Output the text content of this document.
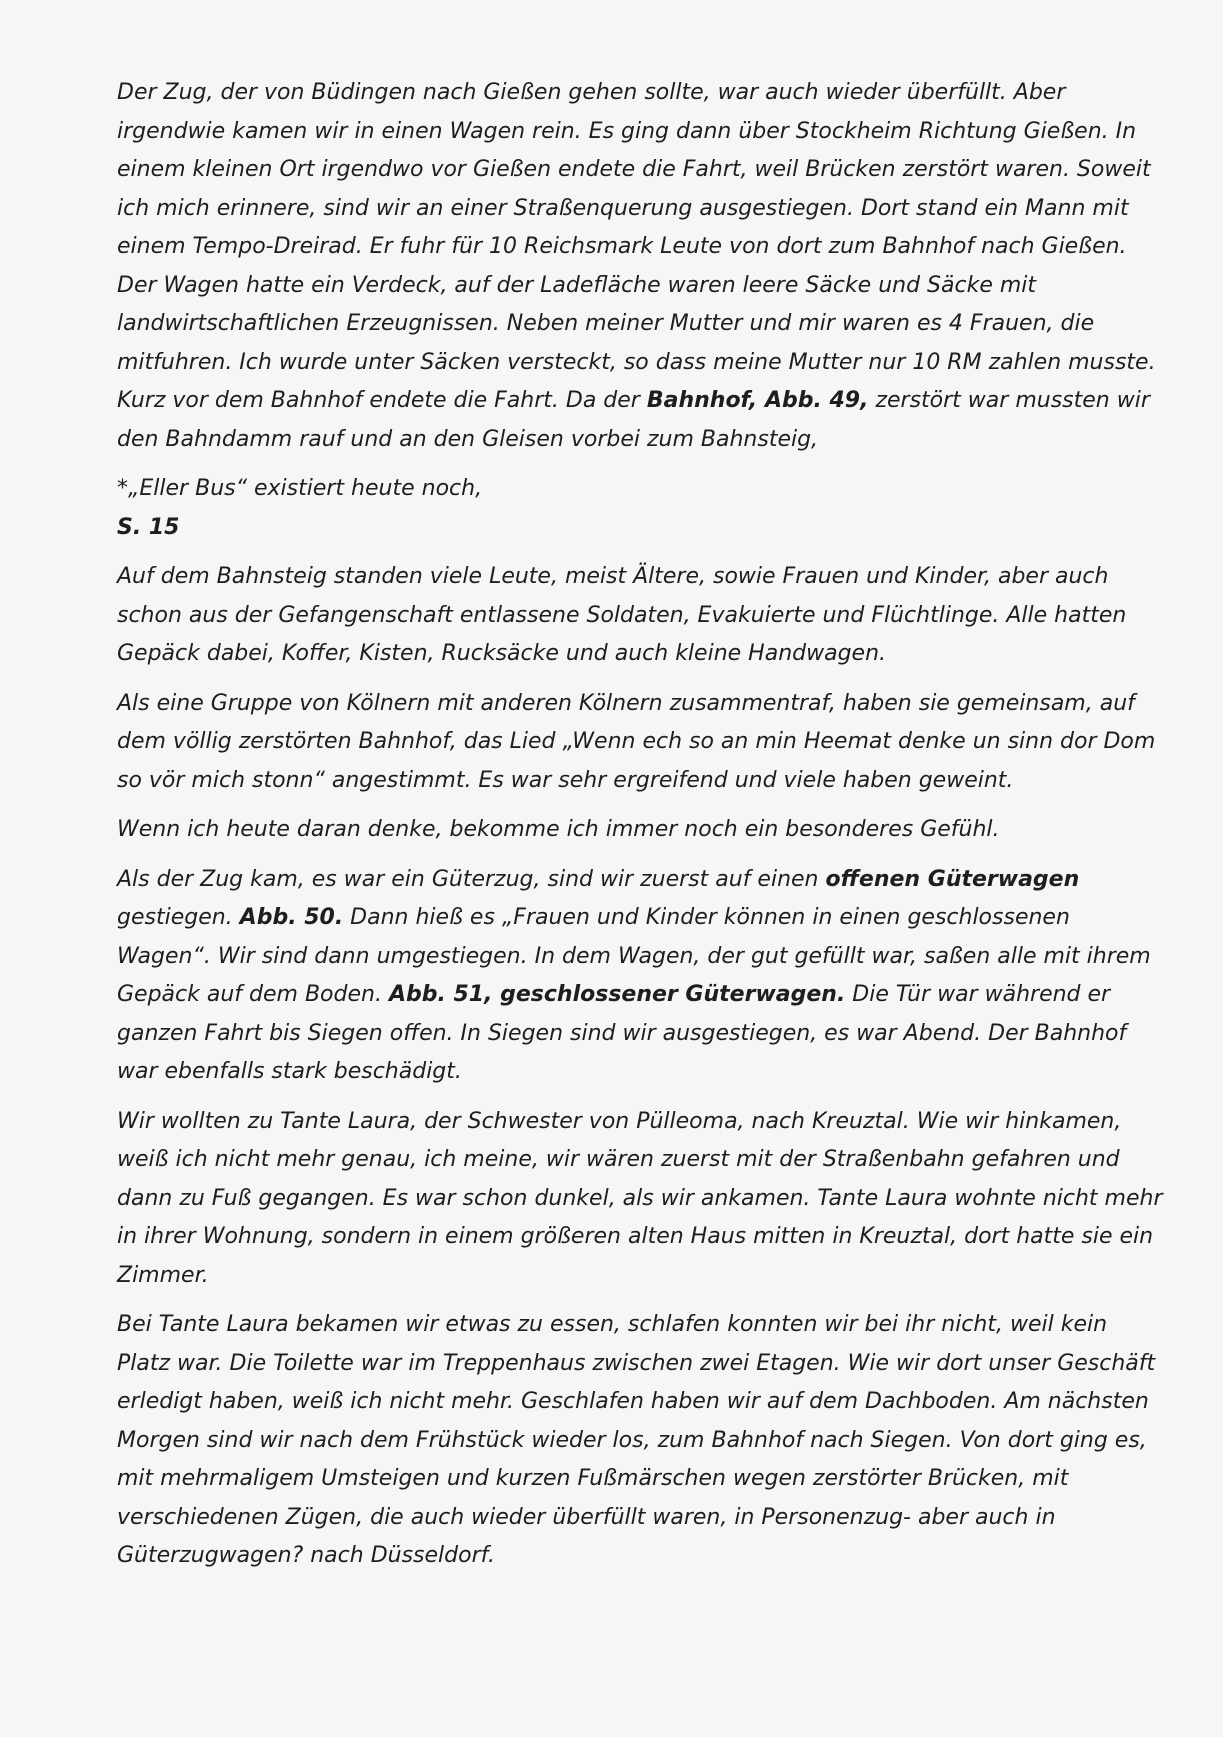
Der Zug, der von Büdingen nach Gießen gehen sollte, war auch wieder überfüllt. Aber irgendwie kamen wir in einen Wagen rein. Es ging dann über Stockheim Richtung Gießen. In einem kleinen Ort irgendwo vor Gießen endete die Fahrt, weil Brücken zerstört waren. Soweit ich mich erinnere, sind wir an einer Straßenquerung ausgestiegen. Dort stand ein Mann mit einem Tempo-Dreirad. Er fuhr für 10 Reichsmark Leute von dort zum Bahnhof nach Gießen. Der Wagen hatte ein Verdeck, auf der Ladefläche waren leere Säcke und Säcke mit landwirtschaftlichen Erzeugnissen. Neben meiner Mutter und mir waren es 4 Frauen, die mitfuhren. Ich wurde unter Säcken versteckt, so dass meine Mutter nur 10 RM zahlen musste. Kurz vor dem Bahnhof endete die Fahrt. Da der Bahnhof, Abb. 49, zerstört war mussten wir den Bahndamm rauf und an den Gleisen vorbei zum Bahnsteig,

*„Eller Bus“ existiert heute noch,

S. 15

Auf dem Bahnsteig standen viele Leute, meist Ältere, sowie Frauen und Kinder, aber auch schon aus der Gefangenschaft entlassene Soldaten, Evakuierte und Flüchtlinge. Alle hatten Gepäck dabei, Koffer, Kisten, Rucksäcke und auch kleine Handwagen.

Als eine Gruppe von Kölnern mit anderen Kölnern zusammentraf, haben sie gemeinsam, auf dem völlig zerstörten Bahnhof, das Lied „Wenn ech so an min Heemat denke un sinn dor Dom so vör mich stonn“ angestimmt. Es war sehr ergreifend und viele haben geweint.

Wenn ich heute daran denke, bekomme ich immer noch ein besonderes Gefühl.

Als der Zug kam, es war ein Güterzug, sind wir zuerst auf einen offenen Güterwagen gestiegen. Abb. 50. Dann hieß es „Frauen und Kinder können in einen geschlossenen Wagen“. Wir sind dann umgestiegen. In dem Wagen, der gut gefüllt war, saßen alle mit ihrem Gepäck auf dem Boden. Abb. 51, geschlossener Güterwagen. Die Tür war während er ganzen Fahrt bis Siegen offen. In Siegen sind wir ausgestiegen, es war Abend. Der Bahnhof war ebenfalls stark beschädigt.

Wir wollten zu Tante Laura, der Schwester von Pülleoma, nach Kreuztal. Wie wir hinkamen, weiß ich nicht mehr genau, ich meine, wir wären zuerst mit der Straßenbahn gefahren und dann zu Fuß gegangen. Es war schon dunkel, als wir ankamen. Tante Laura wohnte nicht mehr in ihrer Wohnung, sondern in einem größeren alten Haus mitten in Kreuztal, dort hatte sie ein Zimmer.

Bei Tante Laura bekamen wir etwas zu essen, schlafen konnten wir bei ihr nicht, weil kein Platz war. Die Toilette war im Treppenhaus zwischen zwei Etagen. Wie wir dort unser Geschäft erledigt haben, weiß ich nicht mehr. Geschlafen haben wir auf dem Dachboden. Am nächsten Morgen sind wir nach dem Frühstück wieder los, zum Bahnhof nach Siegen. Von dort ging es, mit mehrmaligem Umsteigen und kurzen Fußmärschen wegen zerstörter Brücken, mit verschiedenen Zügen, die auch wieder überfüllt waren, in Personenzug- aber auch in Güterzugwagen? nach Düsseldorf.
